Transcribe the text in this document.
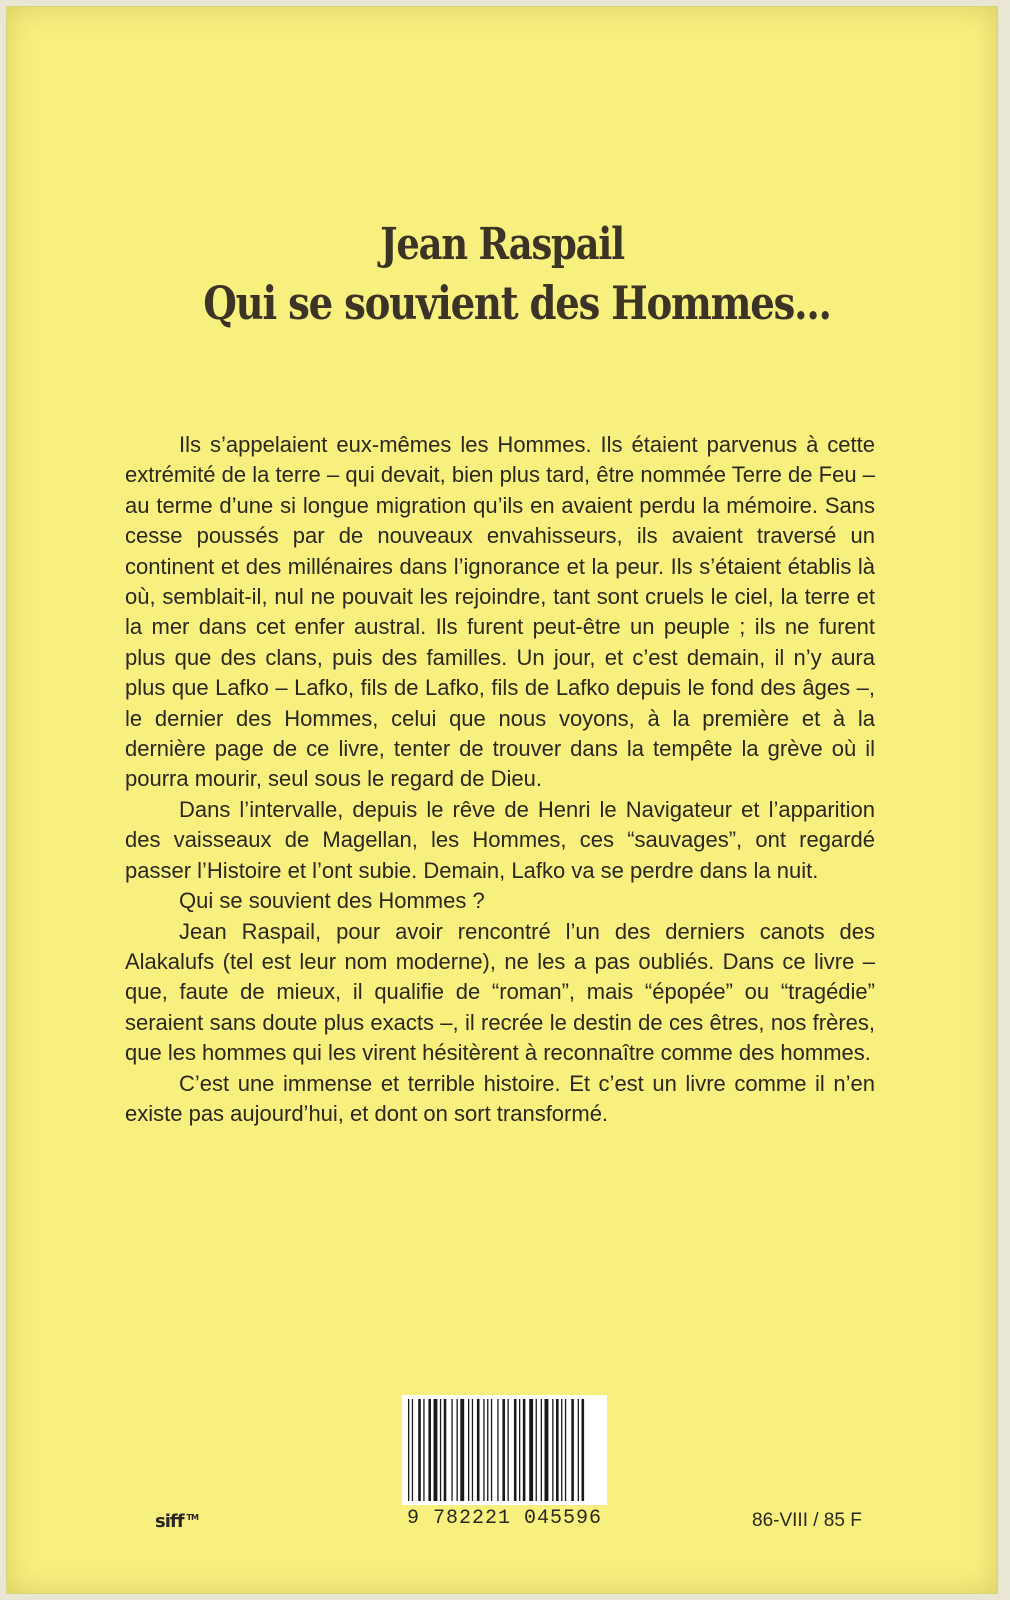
Jean Raspail
Qui se souvient des Hommes...

Ils s’appelaient eux-mêmes les Hommes. Ils étaient parvenus à cette extrémité de la terre – qui devait, bien plus tard, être nommée Terre de Feu – au terme d’une si longue migration qu’ils en avaient perdu la mémoire. Sans cesse poussés par de nouveaux envahisseurs, ils avaient traversé un continent et des millénaires dans l’ignorance et la peur. Ils s’étaient établis là où, semblait-il, nul ne pouvait les rejoindre, tant sont cruels le ciel, la terre et la mer dans cet enfer austral. Ils furent peut-être un peuple ; ils ne furent plus que des clans, puis des familles. Un jour, et c’est demain, il n’y aura plus que Lafko – Lafko, fils de Lafko, fils de Lafko depuis le fond des âges –, le dernier des Hommes, celui que nous voyons, à la première et à la dernière page de ce livre, tenter de trouver dans la tempête la grève où il pourra mourir, seul sous le regard de Dieu.

Dans l’intervalle, depuis le rêve de Henri le Navigateur et l’apparition des vaisseaux de Magellan, les Hommes, ces “sauvages”, ont regardé passer l’Histoire et l’ont subie. Demain, Lafko va se perdre dans la nuit.

Qui se souvient des Hommes ?

Jean Raspail, pour avoir rencontré l’un des derniers canots des Alakalufs (tel est leur nom moderne), ne les a pas oubliés. Dans ce livre – que, faute de mieux, il qualifie de “roman”, mais “épopée” ou “tragédie” seraient sans doute plus exacts –, il recrée le destin de ces êtres, nos frères, que les hommes qui les virent hésitèrent à reconnaître comme des hommes.

C’est une immense et terrible histoire. Et c’est un livre comme il n’en existe pas aujourd’hui, et dont on sort transformé.

9 782221 045596
siff ™	86-VIII / 85 F
